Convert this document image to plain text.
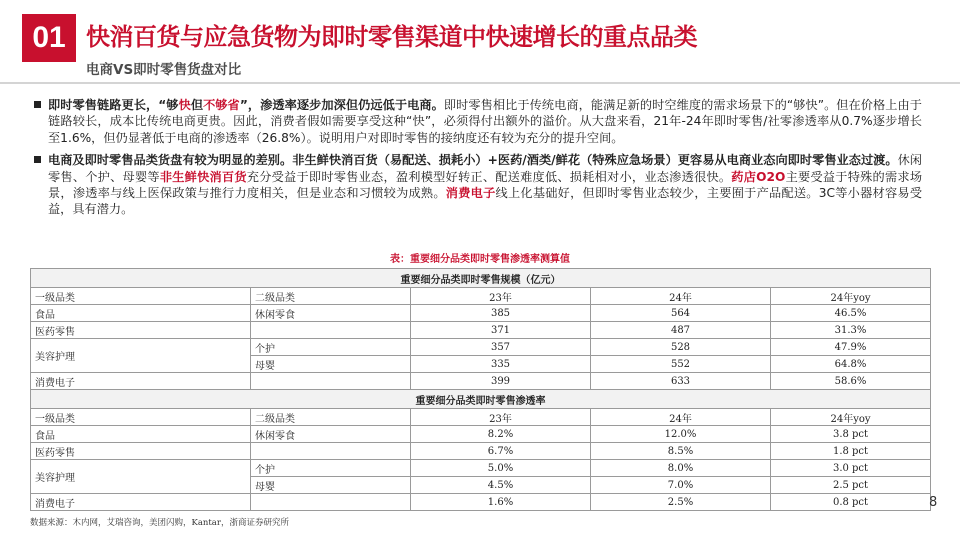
01 快消百货与应急货物为即时零售渠道中快速增长的重点品类
电商VS即时零售货盘对比
即时零售链路更长，“够快但不够省”，渗透率逐步加深但仍远低于电商。即时零售相比于传统电商，能满足新的时空维度的需求场景下的“够快”。但在价格上由于链路较长，成本比传统电商更贵。因此，消费者假如需要享受这种“快”，必须得付出额外的溢价。从大盘来看，21年-24年即时零售/社零渗透率从0.7%逐步增长至1.6%，但仍显著低于电商的渗透率（26.8%）。说明用户对即时零售的接纳度还有较为充分的提升空间。
电商及即时零售品类货盘有较为明显的差别。非生鲜快消百货（易配送、损耗小）+医药/酒类/鲜花（特殊应急场景）更容易从电商业态向即时零售业态过渡。休闲零售、个护、母婴等非生鲜快消百货充分受益于即时零售业态，盈利模型好转正、配送难度低、损耗相对小，业态渗透很快。药店O2O主要受益于特殊的需求场景，渗透率与线上医保政策与推行力度相关，但是业态和习惯较为成熟。消费电子线上化基础好，但即时零售业态较少，主要囿于产品配送。3C等小器材容易受益，具有潜力。
表：重要细分品类即时零售渗透率测算值
重要细分品类即时零售规模（亿元）				
一级品类	二级品类	23年	24年	24年yoy
食品	休闲零食	385	564	46.5%
医药零售		371	487	31.3%
美容护理	个护	357	528	47.9%
	母婴	335	552	64.8%
消费电子		399	633	58.6%
重要细分品类即时零售渗透率				
一级品类	二级品类	23年	24年	24年yoy
食品	休闲零食	8.2%	12.0%	3.8 pct
医药零售		6.7%	8.5%	1.8 pct
美容护理	个护	5.0%	8.0%	3.0 pct
	母婴	4.5%	7.0%	2.5 pct
消费电子		1.6%	2.5%	0.8 pct
数据来源：木内网，艾瑞咨询，美团闪购，Kantar，浙商证券研究所
8
